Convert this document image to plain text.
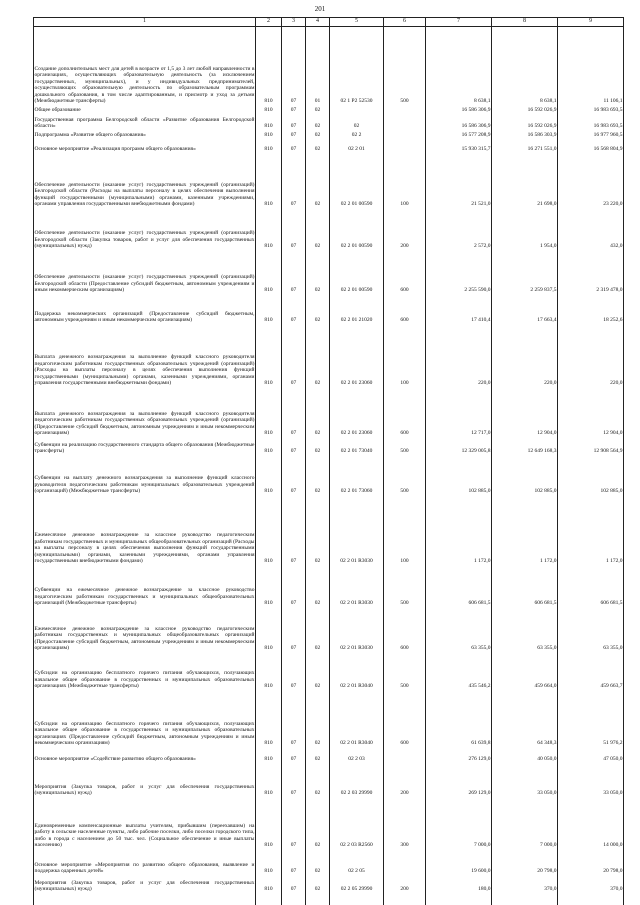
201
1	2	3	4	5	6	7	8	9
Создание дополнительных мест для детей в возрасте от 1,5 до 3 лет любой направленности в организациях, осуществляющих образовательную деятельность (за исключением государственных, муниципальных), и у индивидуальных предпринимателей, осуществляющих образовательную деятельность по образовательным программам дошкольного образования, в том числе адаптированным, и присмотр и уход за детьми (Межбюджетные трансферты)	810	07	01	02 1 P2 52530	500	8 638,1	8 638,1	11 106,1
Общее образование	810	07	02			16 586 306,9	16 592 026,9	16 983 693,5
Государственная программа Белгородской области «Развитие образования Белгородской области»	810	07	02	02		16 586 306,9	16 592 026,9	16 983 693,5
Подпрограмма «Развитие общего образования»	810	07	02	02 2		16 577 208,9	16 586 303,9	16 977 960,5
Основное мероприятие «Реализация программ общего образования»	810	07	02	02 2 01		15 930 315,7	16 271 551,0	16 568 804,9
Обеспечение деятельности (оказание услуг) государственных учреждений (организаций) Белгородской области (Расходы на выплаты персоналу в целях обеспечения выполнения функций государственными (муниципальными) органами, казенными учреждениями, органами управления государственными внебюджетными фондами)	810	07	02	02 2 01 00590	100	21 521,0	21 698,0	23 220,0
Обеспечение деятельности (оказание услуг) государственных учреждений (организаций) Белгородской области (Закупка товаров, работ и услуг для обеспечения государственных (муниципальных) нужд)	810	07	02	02 2 01 00590	200	2 572,0	1 954,0	432,0
Обеспечение деятельности (оказание услуг) государственных учреждений (организаций) Белгородской области (Предоставление субсидий бюджетным, автономным учреждениям и иным некоммерческим организациям)	810	07	02	02 2 01 00590	600	2 255 590,0	2 259 837,5	2 319 478,0
Поддержка некоммерческих организаций (Предоставление субсидий бюджетным, автономным учреждениям и иным некоммерческим организациям)	810	07	02	02 2 01 21020	600	17 410,4	17 663,4	18 252,6
Выплата денежного вознаграждения за выполнение функций классного руководителя педагогическим работникам государственных образовательных учреждений (организаций) (Расходы на выплаты персоналу в целях обеспечения выполнения функций государственными (муниципальными) органами, казенными учреждениями, органами управления государственными внебюджетными фондами)	810	07	02	02 2 01 23060	100	220,0	220,0	220,0
Выплата денежного вознаграждения за выполнение функций классного руководителя педагогическим работникам государственных образовательных учреждений (организаций) (Предоставление субсидий бюджетным, автономным учреждениям и иным некоммерческим организациям)	810	07	02	02 2 01 23060	600	12 717,0	12 904,0	12 904,0
Субвенции на реализацию государственного стандарта общего образования (Межбюджетные трансферты)	810	07	02	02 2 01 73040	500	12 329 005,8	12 649 168,3	12 908 564,9
Субвенции на выплату денежного вознаграждения за выполнение функций классного руководителя педагогическим работникам муниципальных образовательных учреждений (организаций) (Межбюджетные трансферты)	810	07	02	02 2 01 73060	500	102 885,0	102 885,0	102 885,0
Ежемесячное денежное вознаграждение за классное руководство педагогическим работникам государственных и муниципальных общеобразовательных организаций (Расходы на выплаты персоналу в целях обеспечения выполнения функций государственными (муниципальными) органами, казенными учреждениями, органами управления государственными внебюджетными фондами)	810	07	02	02 2 01 R3030	100	1 172,0	1 172,0	1 172,0
Субвенции на ежемесячное денежное вознаграждение за классное руководство педагогическим работникам государственных и муниципальных общеобразовательных организаций (Межбюджетные трансферты)	810	07	02	02 2 01 R3030	500	606 681,5	606 681,5	606 681,5
Ежемесячное денежное вознаграждение за классное руководство педагогическим работникам государственных и муниципальных общеобразовательных организаций (Предоставление субсидий бюджетным, автономным учреждениям и иным некоммерческим организациям)	810	07	02	02 2 01 R3030	600	63 355,0	63 355,0	63 355,0
Субсидии на организацию бесплатного горячего питания обучающихся, получающих начальное общее образование в государственных и муниципальных образовательных организациях (Межбюджетные трансферты)	810	07	02	02 2 01 R3040	500	435 546,2	459 664,0	459 663,7
Субсидии на организацию бесплатного горячего питания обучающихся, получающих начальное общее образование в государственных и муниципальных образовательных организациях (Предоставление субсидий бюджетным, автономным учреждениям и иным некоммерческим организациям)	810	07	02	02 2 01 R3040	600	61 639,8	64 348,3	51 976,2
Основное мероприятие «Содействие развитию общего образования»	810	07	02	02 2 03		276 129,0	40 050,0	47 050,0
Мероприятия (Закупка товаров, работ и услуг для обеспечения государственных (муниципальных) нужд)	810	07	02	02 2 03 29990	200	269 129,0	33 050,0	33 050,0
Единовременные компенсационные выплаты учителям, прибывшим (переехавшим) на работу в сельские населенные пункты, либо рабочие поселки, либо поселки городского типа, либо в города с населением до 50 тыс. чел. (Социальное обеспечение и иные выплаты населению)	810	07	02	02 2 03 R2560	300	7 000,0	7 000,0	14 000,0
Основное мероприятие «Мероприятия по развитию общего образования, выявление и поддержка одаренных детей»	810	07	02	02 2 05		19 600,0	20 798,0	20 798,0
Мероприятия (Закупка товаров, работ и услуг для обеспечения государственных (муниципальных) нужд)	810	07	02	02 2 05 29990	200	180,0	370,0	370,0
